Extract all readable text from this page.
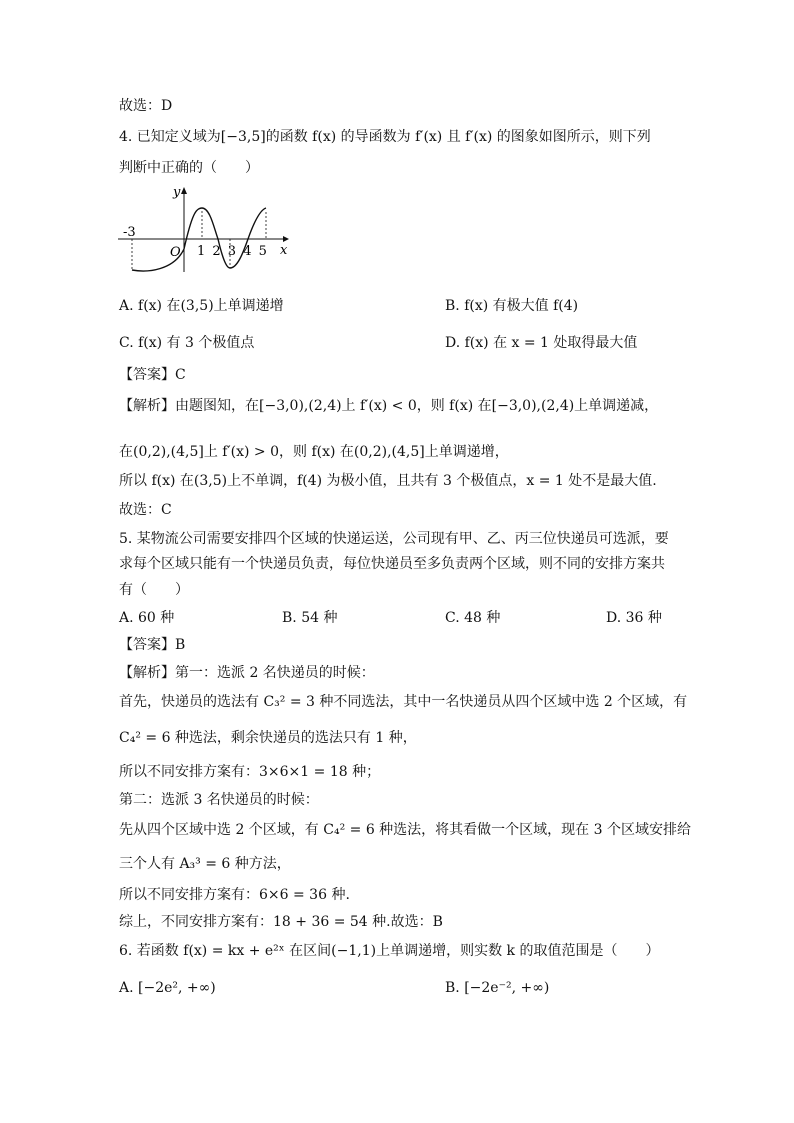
故选：D
4. 已知定义域为[−3,5]的函数 f(x) 的导函数为 f′(x) 且 f′(x) 的图象如图所示，则下列
判断中正确的（　　）
在(0,2),(4,5]上 f′(x) > 0，则 f(x) 在(0,2),(4,5]上单调递增，
所以 f(x) 在(3,5)上不单调，f(4) 为极小值，且共有 3 个极值点，x = 1 处不是最大值.
故选：C
5. 某物流公司需要安排四个区域的快递运送，公司现有甲、乙、丙三位快递员可选派，要
求每个区域只能有一个快递员负责，每位快递员至多负责两个区域，则不同的安排方案共
有（　　）
【答案】B
【解析】第一：选派 2 名快递员的时候：
首先，快递员的选法有 C₃² = 3 种不同选法，其中一名快递员从四个区域中选 2 个区域，有
C₄² = 6 种选法，剩余快递员的选法只有 1 种，
所以不同安排方案有：3×6×1 = 18 种；
第二：选派 3 名快递员的时候：
先从四个区域中选 2 个区域，有 C₄² = 6 种选法，将其看做一个区域，现在 3 个区域安排给
三个人有 A₃³ = 6 种方法，
所以不同安排方案有：6×6 = 36 种.
综上，不同安排方案有：18 + 36 = 54 种.故选：B
6. 若函数 f(x) = kx + e²ˣ 在区间(−1,1)上单调递增，则实数 k 的取值范围是（　　）
【答案】C
【解析】由题图知，在[−3,0),(2,4)上 f′(x) < 0，则 f(x) 在[−3,0),(2,4)上单调递减，
A. f(x) 在(3,5)上单调递增	B. f(x) 有极大值 f(4)
C. f(x) 有 3 个极值点	D. f(x) 在 x = 1 处取得最大值
A. 60 种	B. 54 种	C. 48 种	D. 36 种
A. [−2e², +∞)	B. [−2e⁻², +∞)
y
x
O
-3
1 2 3 4 5
